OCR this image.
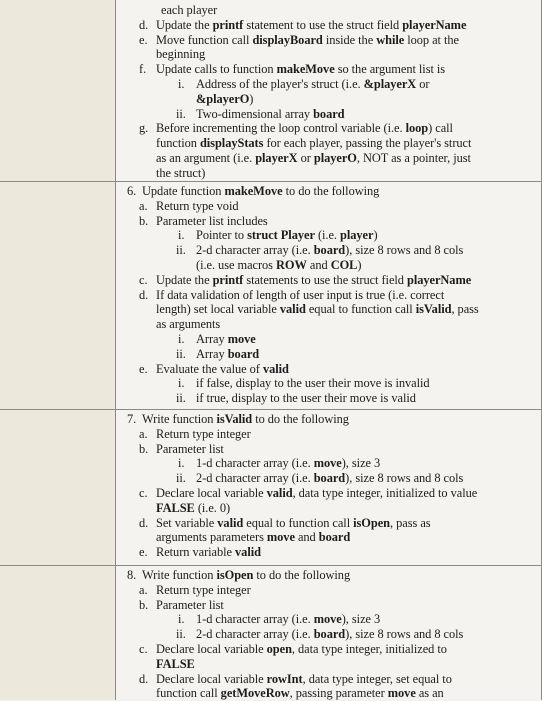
each player
d. Update the printf statement to use the struct field playerName
e. Move function call displayBoard inside the while loop at the
beginning
f. Update calls to function makeMove so the argument list is
i. Address of the player's struct (i.e. &playerX or
&playerO)
ii. Two-dimensional array board
g. Before incrementing the loop control variable (i.e. loop) call
function displayStats for each player, passing the player's struct
as an argument (i.e. playerX or playerO, NOT as a pointer, just
the struct)
6. Update function makeMove to do the following
a. Return type void
b. Parameter list includes
i. Pointer to struct Player (i.e. player)
ii. 2-d character array (i.e. board), size 8 rows and 8 cols
(i.e. use macros ROW and COL)
c. Update the printf statements to use the struct field playerName
d. If data validation of length of user input is true (i.e. correct
length) set local variable valid equal to function call isValid, pass
as arguments
i. Array move
ii. Array board
e. Evaluate the value of valid
i. if false, display to the user their move is invalid
ii. if true, display to the user their move is valid
7. Write function isValid to do the following
a. Return type integer
b. Parameter list
i. 1-d character array (i.e. move), size 3
ii. 2-d character array (i.e. board), size 8 rows and 8 cols
c. Declare local variable valid, data type integer, initialized to value
FALSE (i.e. 0)
d. Set variable valid equal to function call isOpen, pass as
arguments parameters move and board
e. Return variable valid
8. Write function isOpen to do the following
a. Return type integer
b. Parameter list
i. 1-d character array (i.e. move), size 3
ii. 2-d character array (i.e. board), size 8 rows and 8 cols
c. Declare local variable open, data type integer, initialized to
FALSE
d. Declare local variable rowInt, data type integer, set equal to
function call getMoveRow, passing parameter move as an
